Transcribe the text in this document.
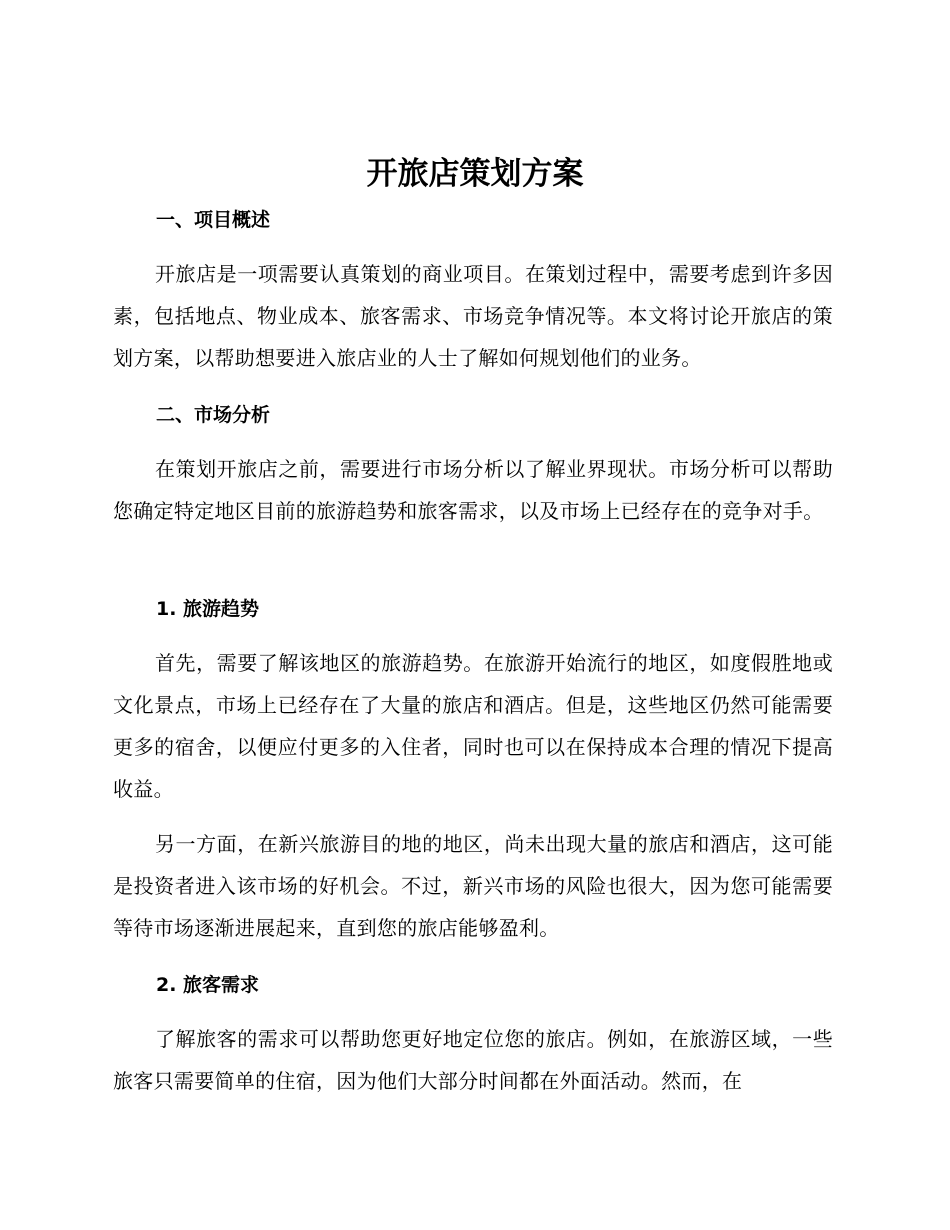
开旅店策划方案
一、项目概述

开旅店是一项需要认真策划的商业项目。在策划过程中，需要考虑到许多因素，包括地点、物业成本、旅客需求、市场竞争情况等。本文将讨论开旅店的策划方案，以帮助想要进入旅店业的人士了解如何规划他们的业务。

二、市场分析

在策划开旅店之前，需要进行市场分析以了解业界现状。市场分析可以帮助您确定特定地区目前的旅游趋势和旅客需求，以及市场上已经存在的竞争对手。

1. 旅游趋势

首先，需要了解该地区的旅游趋势。在旅游开始流行的地区，如度假胜地或文化景点，市场上已经存在了大量的旅店和酒店。但是，这些地区仍然可能需要更多的宿舍，以便应付更多的入住者，同时也可以在保持成本合理的情况下提高收益。

另一方面，在新兴旅游目的地的地区，尚未出现大量的旅店和酒店，这可能是投资者进入该市场的好机会。不过，新兴市场的风险也很大，因为您可能需要等待市场逐渐进展起来，直到您的旅店能够盈利。

2. 旅客需求

了解旅客的需求可以帮助您更好地定位您的旅店。例如，在旅游区域，一些旅客只需要简单的住宿，因为他们大部分时间都在外面活动。然而，在
